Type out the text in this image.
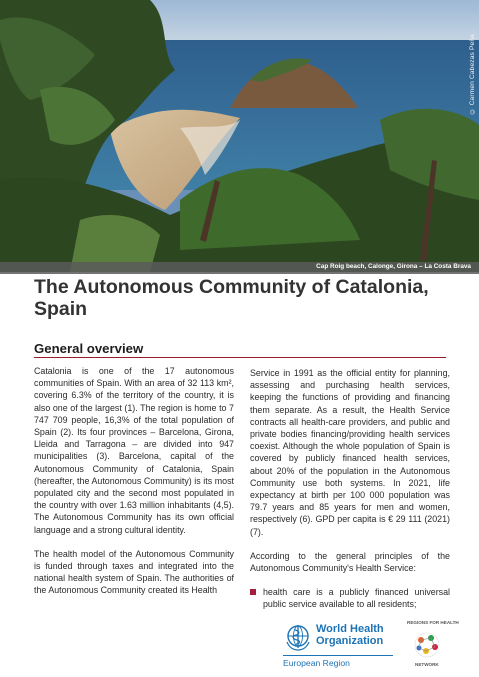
© Carmen Cabezas Peña
Cap Roig beach, Calonge, Girona – La Costa Brava
The Autonomous Community of Catalonia, Spain
General overview

Catalonia is one of the 17 autonomous communities of Spain. With an area of 32 113 km², covering 6.3% of the territory of the country, it is also one of the largest (1). The region is home to 7 747 709 people, 16,3% of the total population of Spain (2). Its four provinces – Barcelona, Girona, Lleida and Tarragona – are divided into 947 municipalities (3). Barcelona, capital of the Autonomous Community of Catalonia, Spain (hereafter, the Autonomous Community) is its most populated city and the second most populated in the country with over 1.63 million inhabitants (4,5). The Autonomous Community has its own official language and a strong cultural identity.

The health model of the Autonomous Community is funded through taxes and integrated into the national health system of Spain. The authorities of the Autonomous Community created its Health

Service in 1991 as the official entity for planning, assessing and purchasing health services, keeping the functions of providing and financing them separate. As a result, the Health Service contracts all health-care providers, and public and private bodies financing/providing health services coexist. Although the whole population of Spain is covered by publicly financed health services, about 20% of the population in the Autonomous Community use both systems. In 2021, life expectancy at birth per 100 000 population was 79.7 years and 85 years for men and women, respectively (6). GPD per capita is € 29 111 (2021) (7).

According to the general principles of the Autonomous Community's Health Service:

health care is a publicly financed universal public service available to all residents;

World Health
Organization
European Region
REGIONS FOR HEALTH
NETWORK
